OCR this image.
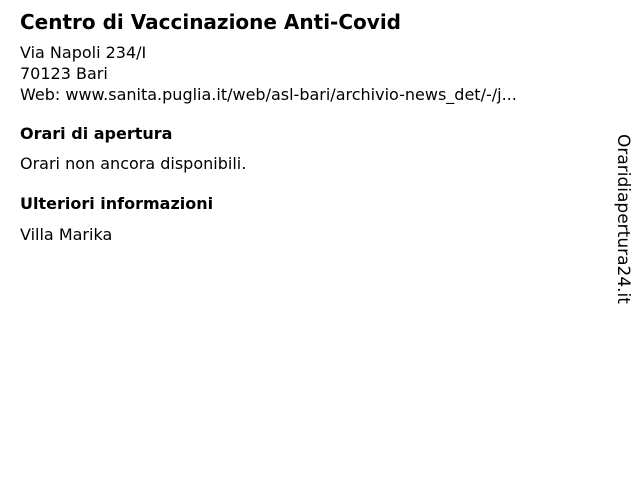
Centro di Vaccinazione Anti-Covid
Via Napoli 234/I
70123 Bari
Web: www.sanita.puglia.it/web/asl-bari/archivio-news_det/-/j...
Orari di apertura

Orari non ancora disponibili.

Ulteriori informazioni

Villa Marika	Oraridiapertura24.it
